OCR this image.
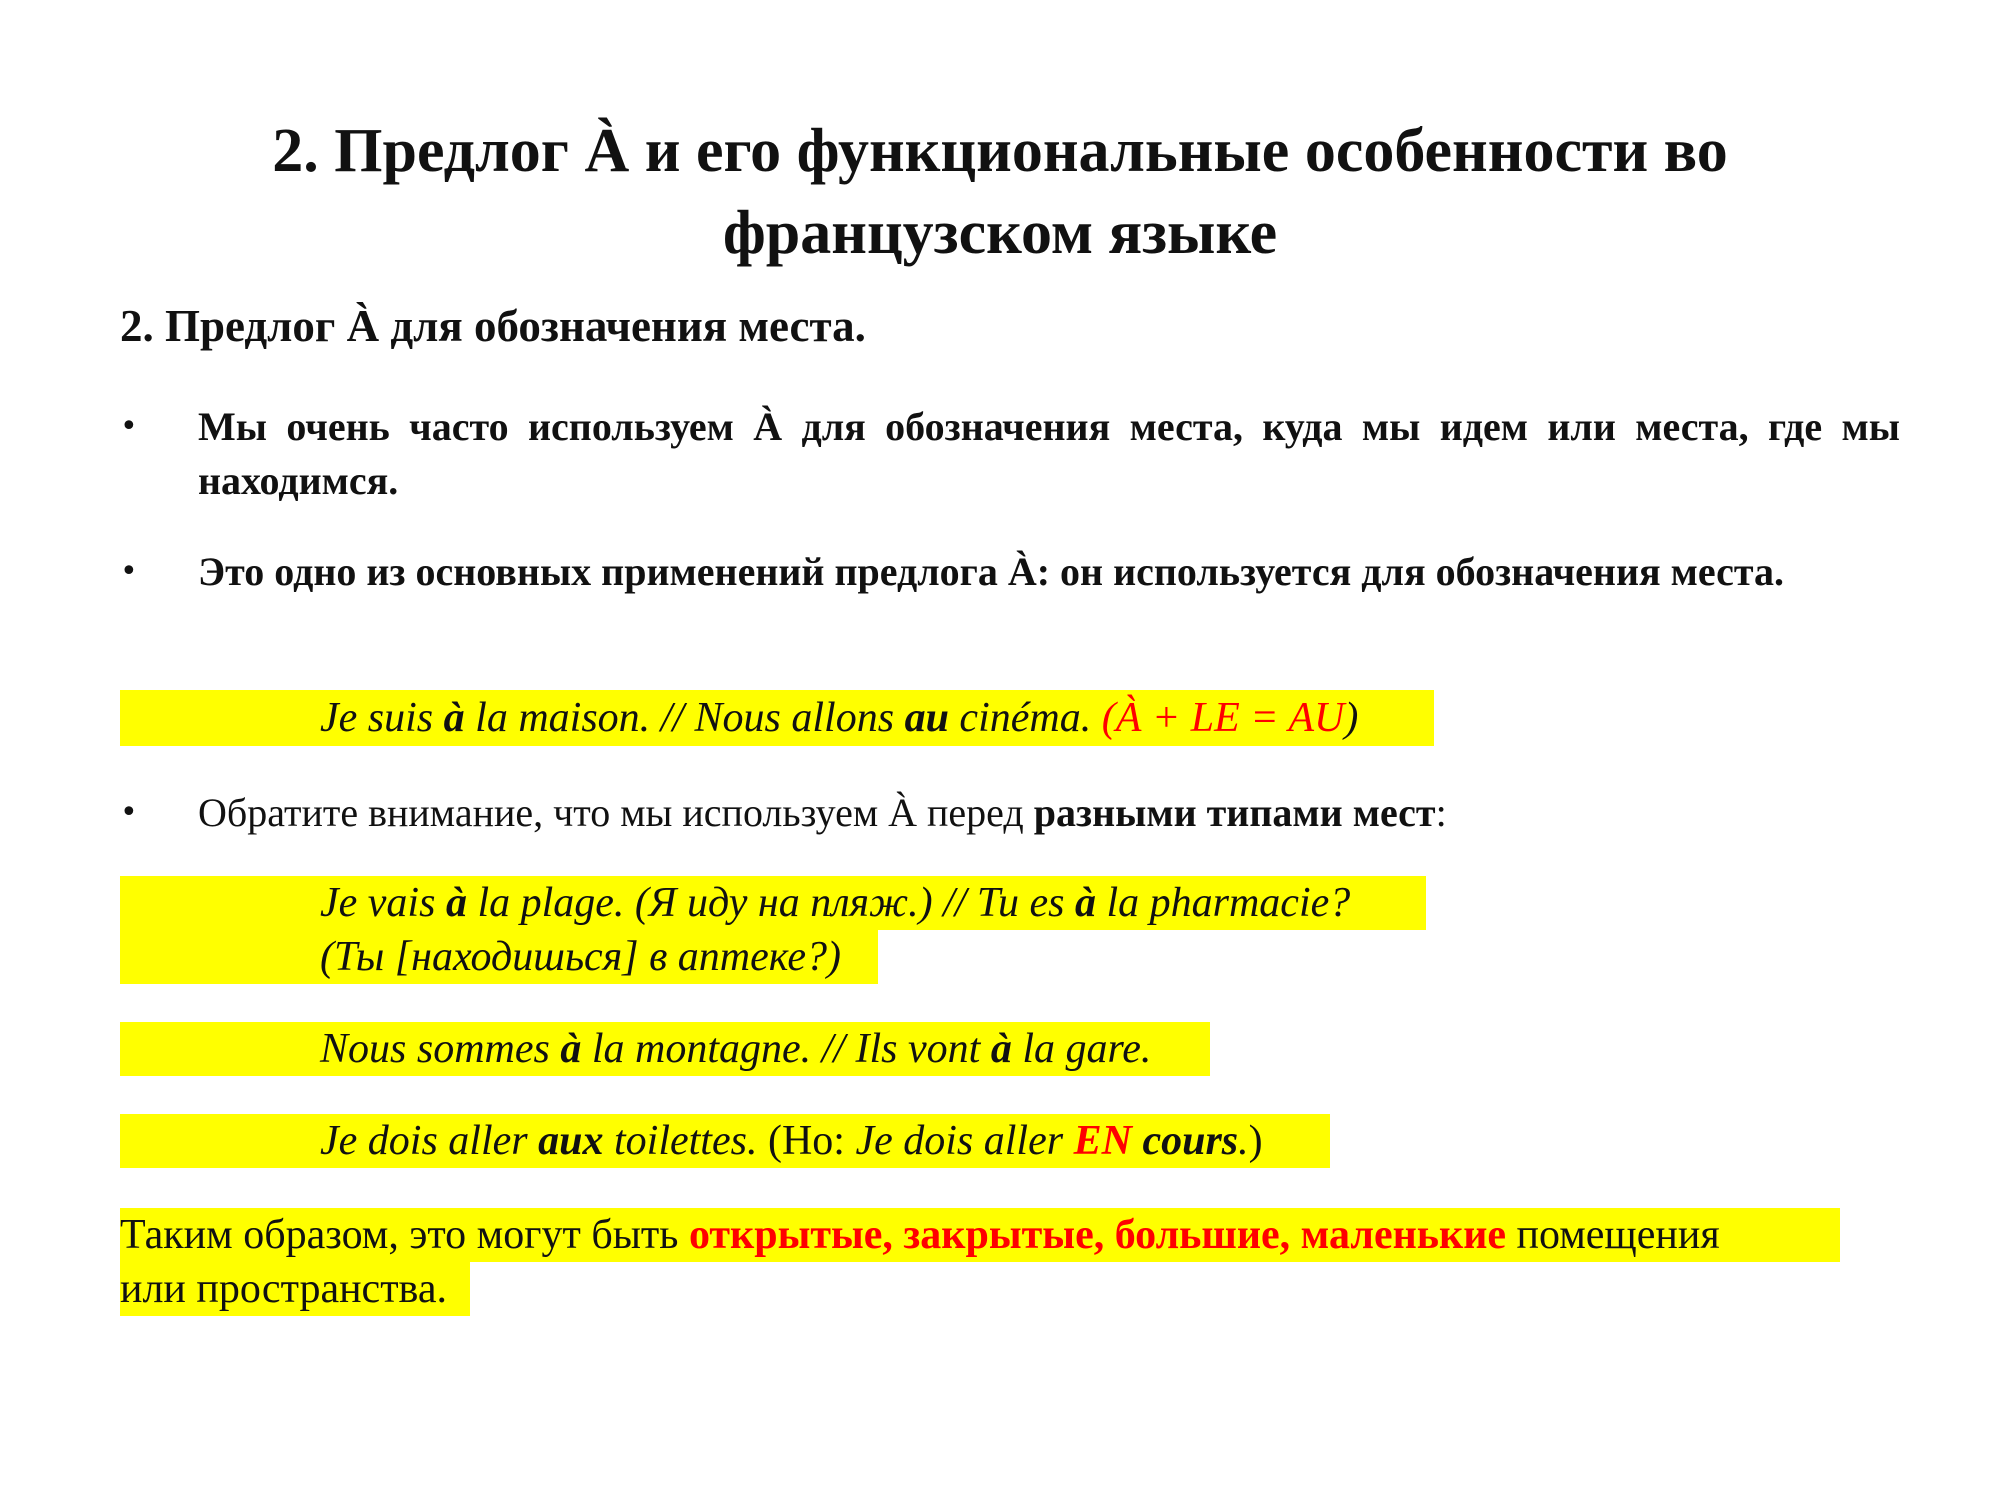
2. Предлог À и его функциональные особенности во французском языке
2. Предлог À для обозначения места.
•	Мы очень часто используем À для обозначения места, куда мы идем или места, где мы находимся.
•	Это одно из основных применений предлога À: он используется для обозначения места.
Je suis à la maison. // Nous allons au cinéma. (À + LE = AU)
•	Обратите внимание, что мы используем À перед разными типами мест:
Je vais à la plage. (Я иду на пляж.) // Tu es à la pharmacie?
(Ты [находишься] в аптеке?)
Nous sommes à la montagne. // Ils vont à la gare.
Je dois aller aux toilettes. (Но: Je dois aller EN cours.)
Таким образом, это могут быть открытые, закрытые, большие, маленькие помещения
или пространства.
